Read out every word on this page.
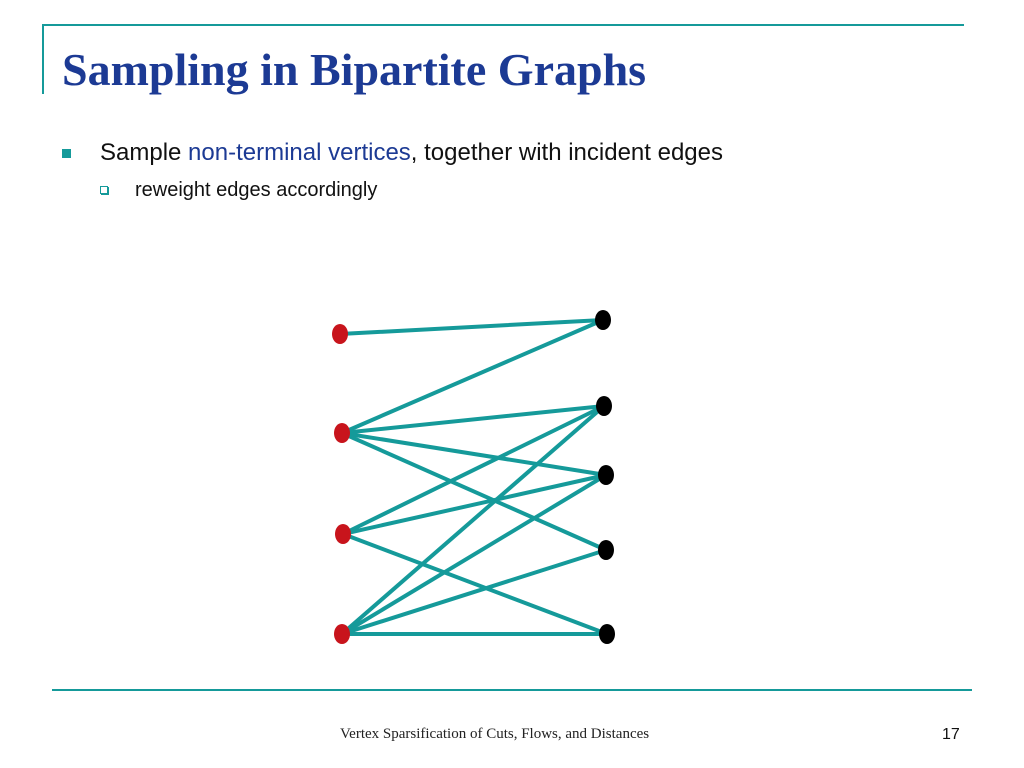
Sampling in Bipartite Graphs
Sample non-terminal vertices, together with incident edges
reweight edges accordingly
Vertex Sparsification of Cuts, Flows, and Distances	17
